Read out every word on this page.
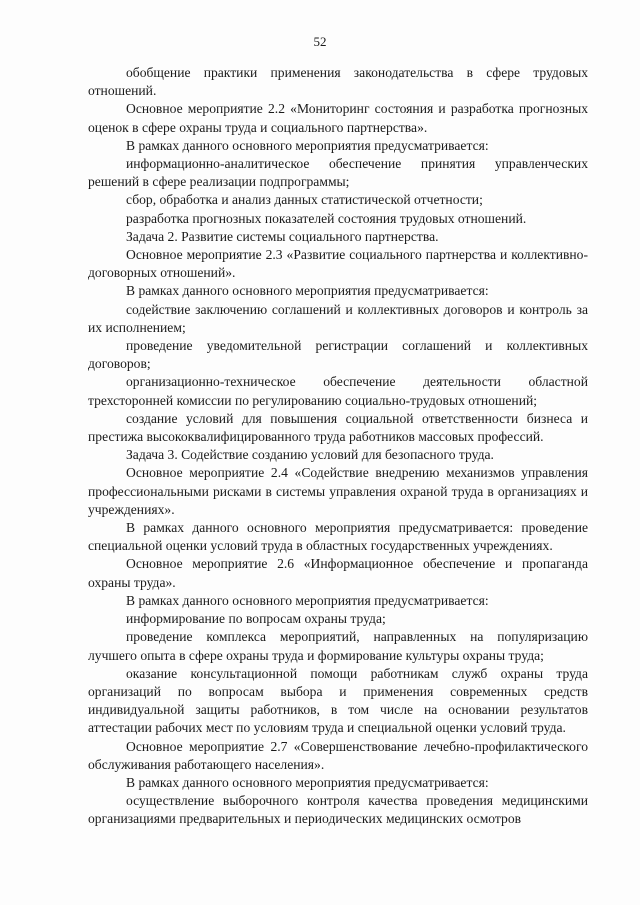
52

обобщение практики применения законодательства в сфере трудовых отношений.

Основное мероприятие 2.2 «Мониторинг состояния и разработка прогнозных оценок в сфере охраны труда и социального партнерства».

В рамках данного основного мероприятия предусматривается:

информационно-аналитическое обеспечение принятия управленческих решений в сфере реализации подпрограммы;

сбор, обработка и анализ данных статистической отчетности;

разработка прогнозных показателей состояния трудовых отношений.

Задача 2. Развитие системы социального партнерства.

Основное мероприятие 2.3 «Развитие социального партнерства и коллективно-договорных отношений».

В рамках данного основного мероприятия предусматривается:

содействие заключению соглашений и коллективных договоров и контроль за их исполнением;

проведение уведомительной регистрации соглашений и коллективных договоров;

организационно-техническое обеспечение деятельности областной трехсторонней комиссии по регулированию социально-трудовых отношений;

создание условий для повышения социальной ответственности бизнеса и престижа высококвалифицированного труда работников массовых профессий.

Задача 3. Содействие созданию условий для безопасного труда.

Основное мероприятие 2.4 «Содействие внедрению механизмов управления профессиональными рисками в системы управления охраной труда в организациях и учреждениях».

В рамках данного основного мероприятия предусматривается: проведение специальной оценки условий труда в областных государственных учреждениях.

Основное мероприятие 2.6 «Информационное обеспечение и пропаганда охраны труда».

В рамках данного основного мероприятия предусматривается:

информирование по вопросам охраны труда;

проведение комплекса мероприятий, направленных на популяризацию лучшего опыта в сфере охраны труда и формирование культуры охраны труда;

оказание консультационной помощи работникам служб охраны труда организаций по вопросам выбора и применения современных средств индивидуальной защиты работников, в том числе на основании результатов аттестации рабочих мест по условиям труда и специальной оценки условий труда.

Основное мероприятие 2.7 «Совершенствование лечебно-профилактического обслуживания работающего населения».

В рамках данного основного мероприятия предусматривается:

осуществление выборочного контроля качества проведения медицинскими организациями предварительных и периодических медицинских осмотров
